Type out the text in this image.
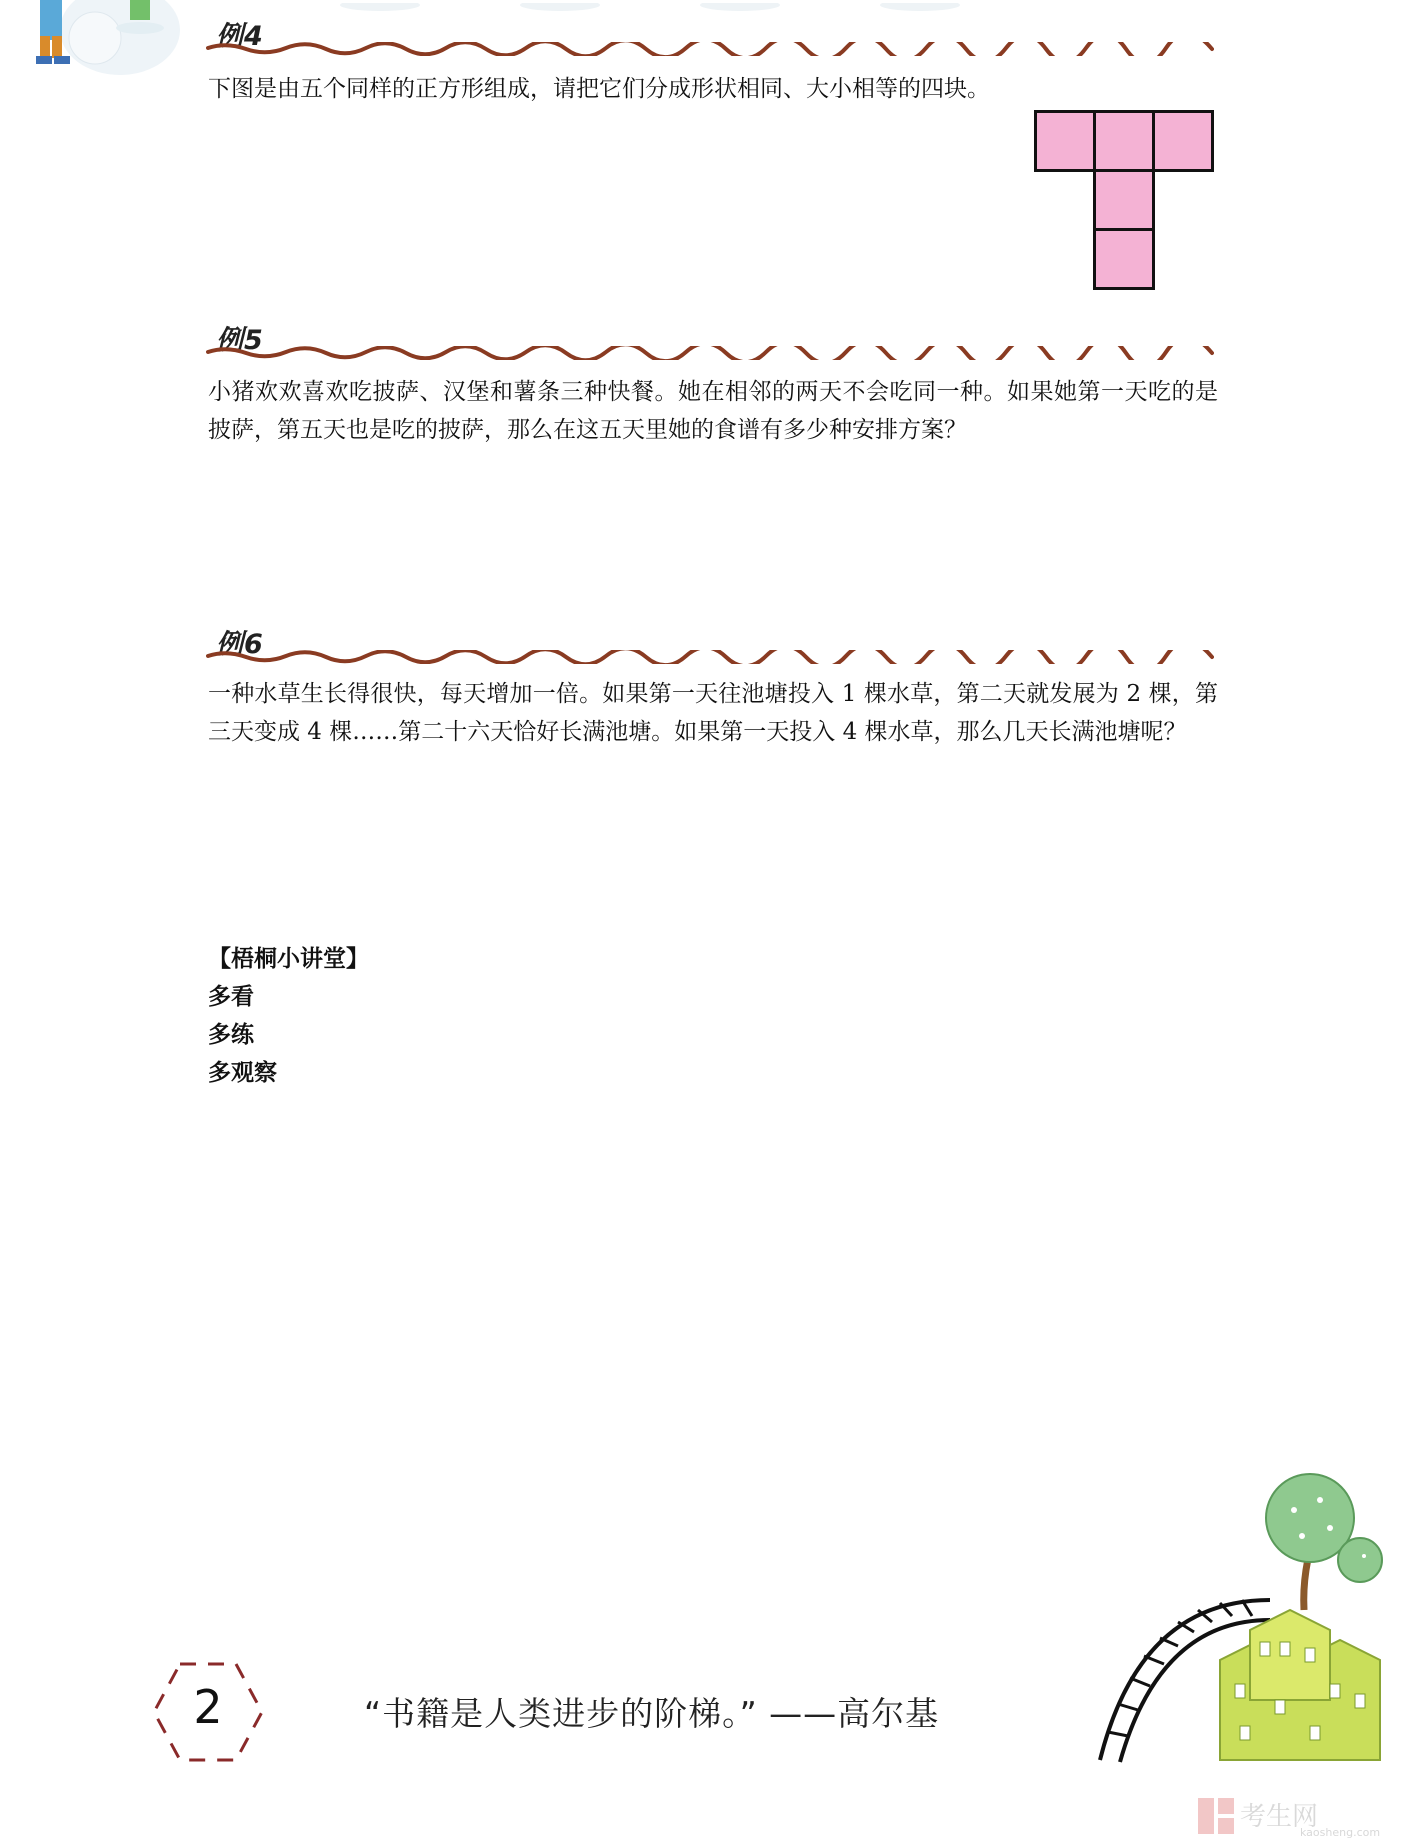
例4
下图是由五个同样的正方形组成，请把它们分成形状相同、大小相等的四块。
例5
小猪欢欢喜欢吃披萨、汉堡和薯条三种快餐。她在相邻的两天不会吃同一种。如果她第一天吃的是披萨，第五天也是吃的披萨，那么在这五天里她的食谱有多少种安排方案？
例6
一种水草生长得很快，每天增加一倍。如果第一天往池塘投入 1 棵水草，第二天就发展为 2 棵，第三天变成 4 棵……第二十六天恰好长满池塘。如果第一天投入 4 棵水草，那么几天长满池塘呢？
【梧桐小讲堂】
多看
多练
多观察
2	“书籍是人类进步的阶梯。” ——高尔基
考生网
kaosheng.com
